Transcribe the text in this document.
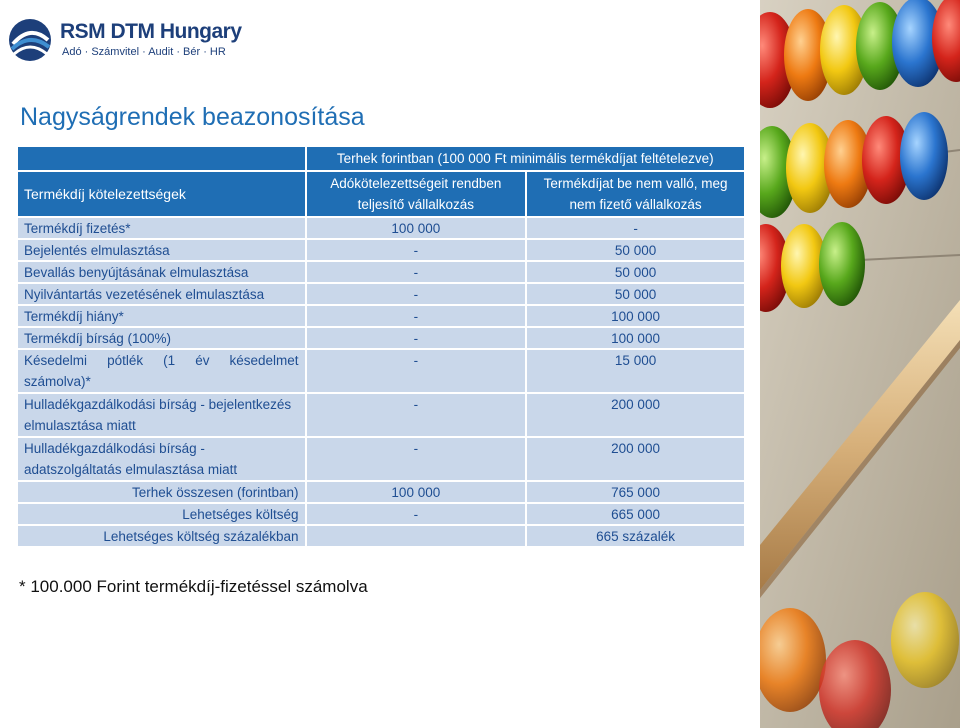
RSM DTM Hungary
Adó · Számvitel · Audit · Bér · HR
Nagyságrendek beazonosítása
	Terhek forintban (100 000 Ft minimális termékdíjat feltételezve)	
Termékdíj kötelezettségek	Adókötelezettségeit rendben teljesítő vállalkozás	Termékdíjat be nem valló, meg nem fizető vállalkozás
Termékdíj fizetés*	100 000	-
Bejelentés elmulasztása	-	50 000
Bevallás benyújtásának elmulasztása	-	50 000
Nyilvántartás vezetésének elmulasztása	-	50 000
Termékdíj hiány*	-	100 000
Termékdíj bírság (100%)	-	100 000
Késedelmi pótlék (1 év késedelmet számolva)*	-	15 000
Hulladékgazdálkodási bírság - bejelentkezés elmulasztása miatt	-	200 000
Hulladékgazdálkodási bírság - adatszolgáltatás elmulasztása miatt	-	200 000
Terhek összesen (forintban)	100 000	765 000
Lehetséges költség	-	665 000
Lehetséges költség százalékban		665 százalék
* 100.000 Forint termékdíj-fizetéssel számolva
